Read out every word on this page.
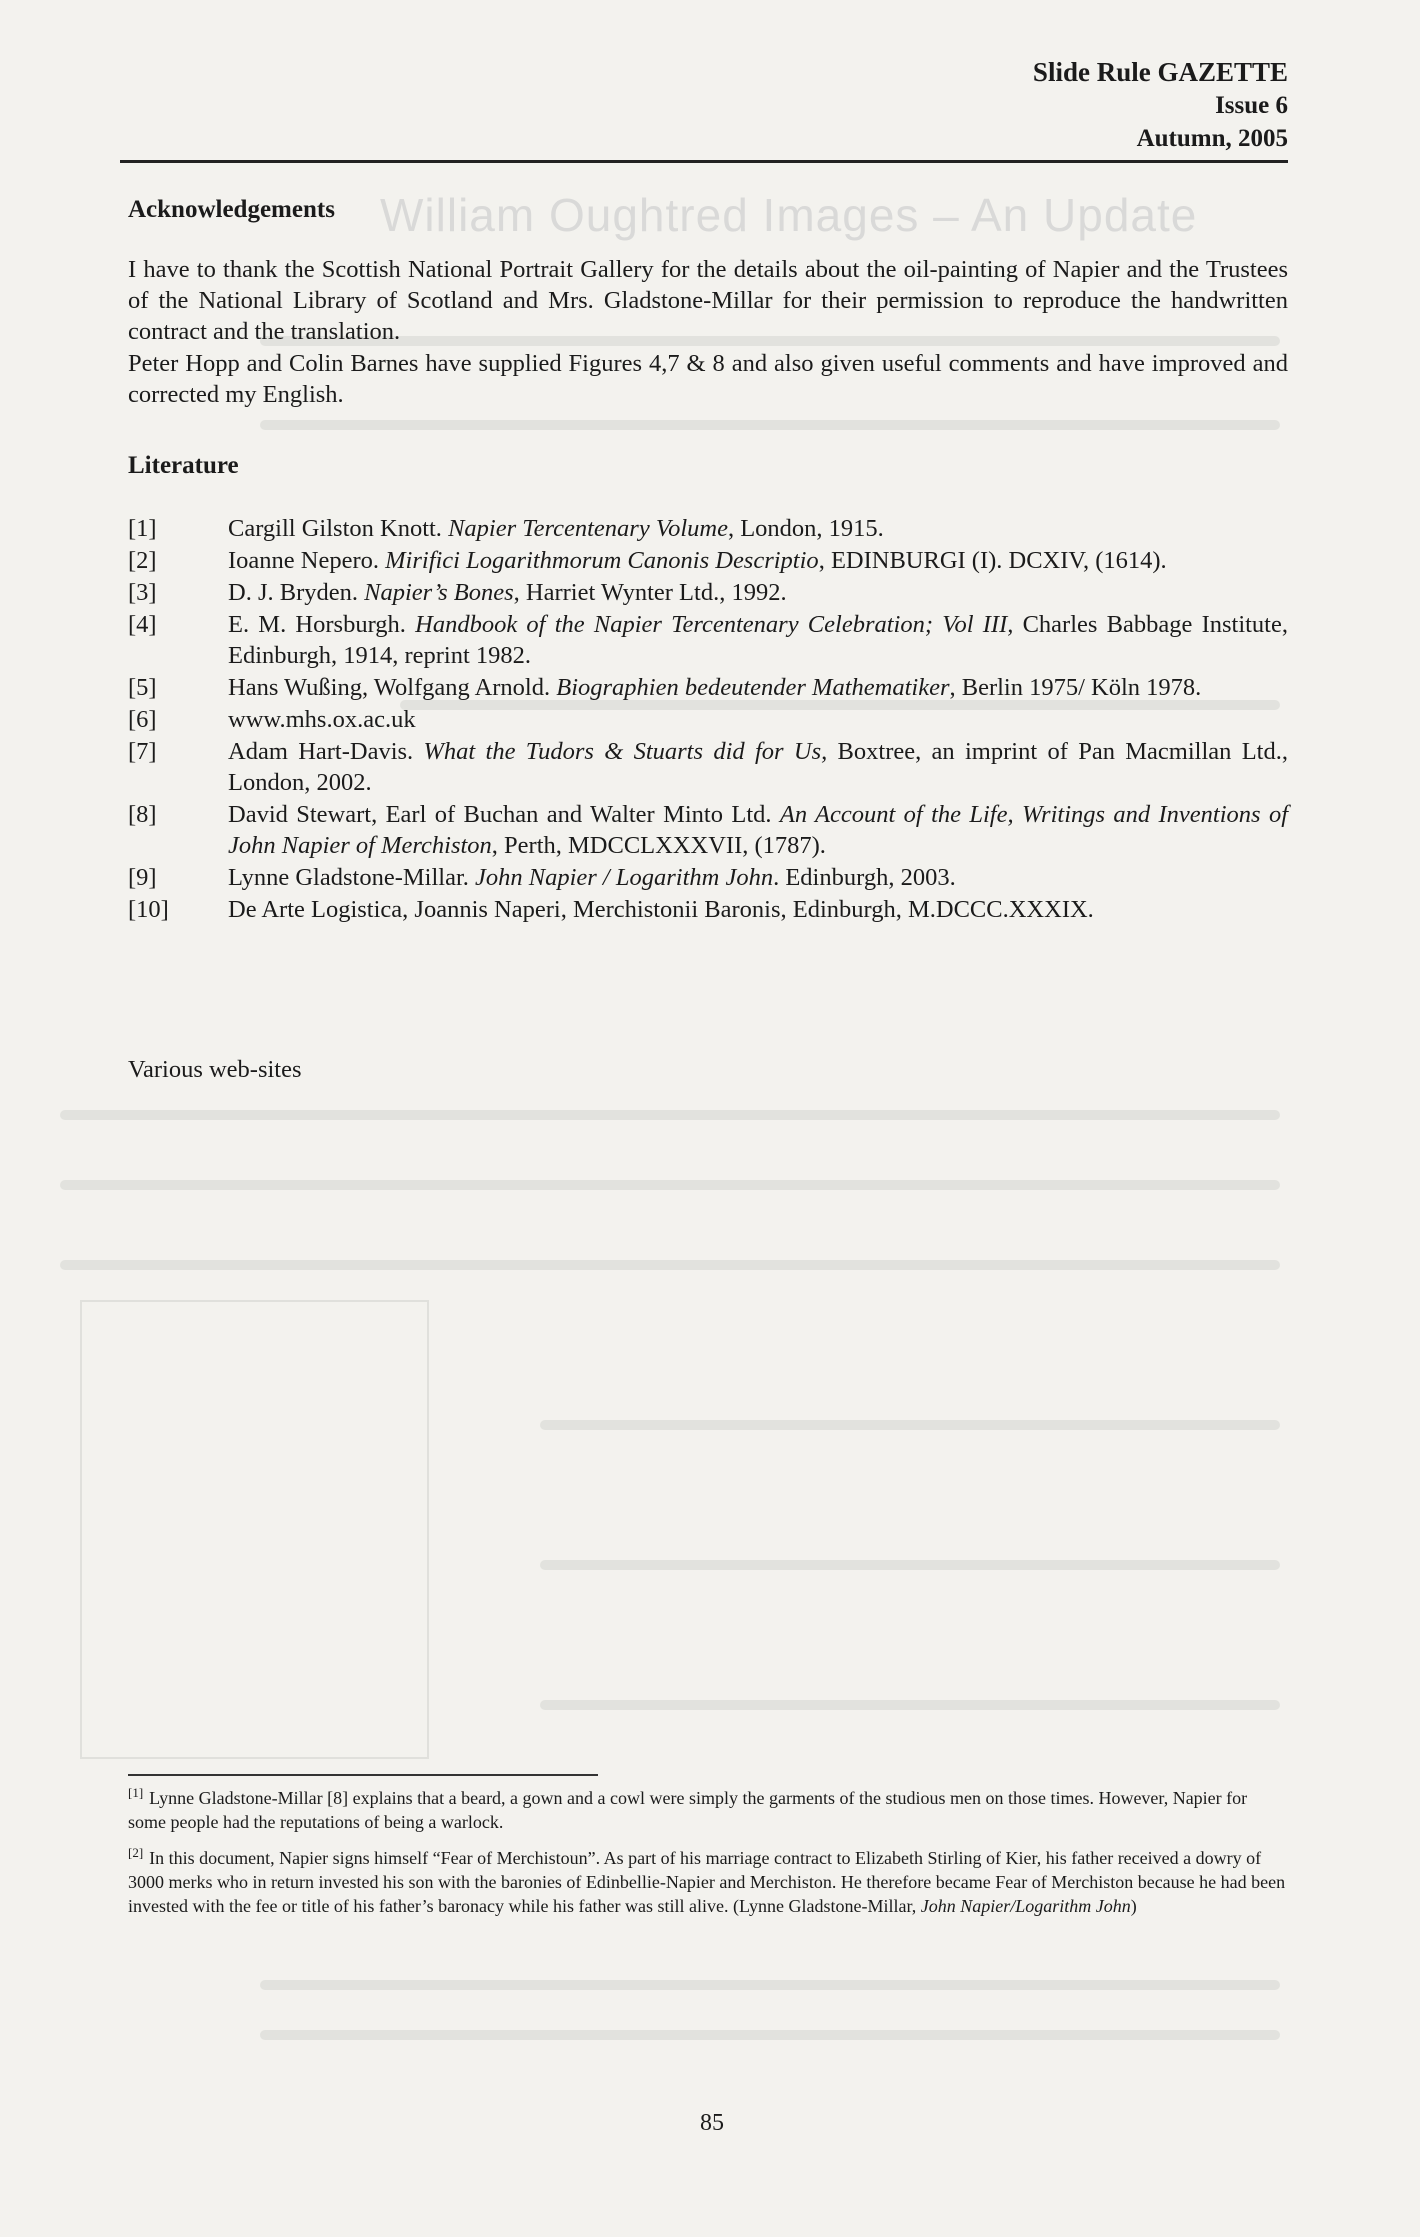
William Oughtred Images – An Update
Slide Rule GAZETTE
Issue 6
Autumn, 2005
Acknowledgements
I have to thank the Scottish National Portrait Gallery for the details about the oil-painting of Napier and the Trustees of the National Library of Scotland and Mrs. Gladstone-Millar for their permission to reproduce the handwritten contract and the translation.
Peter Hopp and Colin Barnes have supplied Figures 4,7 & 8 and also given useful comments and have improved and corrected my English.
Literature
[1]	Cargill Gilston Knott. Napier Tercentenary Volume, London, 1915.
[2]	Ioanne Nepero. Mirifici Logarithmorum Canonis Descriptio, EDINBURGI (I). DCXIV, (1614).
[3]	D. J. Bryden. Napier’s Bones, Harriet Wynter Ltd., 1992.
[4]	E. M. Horsburgh. Handbook of the Napier Tercentenary Celebration; Vol III, Charles Babbage Institute, Edinburgh, 1914, reprint 1982.
[5]	Hans Wußing, Wolfgang Arnold. Biographien bedeutender Mathematiker, Berlin 1975/ Köln 1978.
[6]	www.mhs.ox.ac.uk
[7]	Adam Hart-Davis. What the Tudors & Stuarts did for Us, Boxtree, an imprint of Pan Macmillan Ltd., London, 2002.
[8]	David Stewart, Earl of Buchan and Walter Minto Ltd. An Account of the Life, Writings and Inventions of John Napier of Merchiston, Perth, MDCCLXXXVII, (1787).
[9]	Lynne Gladstone-Millar. John Napier / Logarithm John. Edinburgh, 2003.
[10]	De Arte Logistica, Joannis Naperi, Merchistonii Baronis, Edinburgh, M.DCCC.XXXIX.
Various web-sites
[1] Lynne Gladstone-Millar [8] explains that a beard, a gown and a cowl were simply the garments of the studious men on those times. However, Napier for some people had the reputations of being a warlock.
[2] In this document, Napier signs himself “Fear of Merchistoun”. As part of his marriage contract to Elizabeth Stirling of Kier, his father received a dowry of 3000 merks who in return invested his son with the baronies of Edinbellie-Napier and Merchiston. He therefore became Fear of Merchiston because he had been invested with the fee or title of his father’s baronacy while his father was still alive. (Lynne Gladstone-Millar, John Napier/Logarithm John)
85
